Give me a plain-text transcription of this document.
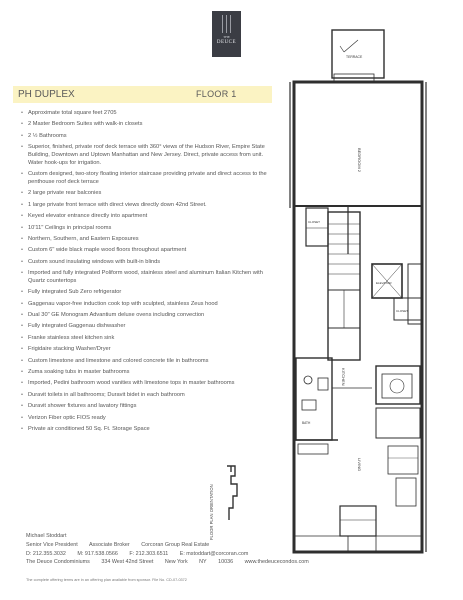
THE
DEUCE
PH DUPLEX	FLOOR 1
• Approximate total square feet 2705
• 2 Master Bedroom Suites with walk-in closets
• 2 ½ Bathrooms
• Superior, finished, private roof deck terrace with 360° views of the Hudson River, Empire State Building, Downtown and Uptown Manhattan and New Jersey. Direct, private access from unit. Water hook-ups for irrigation.
• Custom designed, two-story floating interior staircase providing private and direct access to the penthouse roof deck terrace
• 2 large private rear balconies
• 1 large private front terrace with direct views directly down 42nd Street.
• Keyed elevator entrance directly into apartment
• 10'11" Ceilings in principal rooms
• Northern, Southern, and Eastern Exposures
• Custom 6" wide black maple wood floors throughout apartment
• Custom sound insulating windows with built-in blinds
• Imported and fully integrated Poliform wood, stainless steel and aluminum Italian Kitchen with Quartz countertops
• Fully integrated Sub Zero refrigerator
• Gaggenau vapor-free induction cook top with sculpted, stainless Zeus hood
• Dual 30" GE Monogram Advantium deluxe ovens including convection
• Fully integrated Gaggenau dishwasher
• Franke stainless steel kitchen sink
• Frigidaire stacking Washer/Dryer
• Custom limestone and limestone and colored concrete tile in bathrooms
• Zuma soaking tubs in master bathrooms
• Imported, Pedini bathroom wood vanities with limestone tops in master bathrooms
• Duravit toilets in all bathrooms; Duravit bidet in each bathroom
• Duravit shower fixtures and lavatory fittings
• Verizon Fiber optic FIOS ready
• Private air conditioned 50 Sq. Ft. Storage Space
Michael Stoddart
Senior Vice President Associate Broker Corcoran Group Real Estate
D: 212.355.3032 M: 917.538.0566 F: 212.303.6511 E: mstoddart@corcoran.com
The Deuce Condominiums 334 West 42nd Street New York NY 10036 www.thedeucecondos.com
The complete offering terms are in an offering plan available from sponsor. File No. CD-07-0372
FLOOR PLAN ORIENTATION
TERRACE
BEDROOM 2
CLOSET
ELEVATOR
BATH
CLOSET
KITCHEN
LIVING
